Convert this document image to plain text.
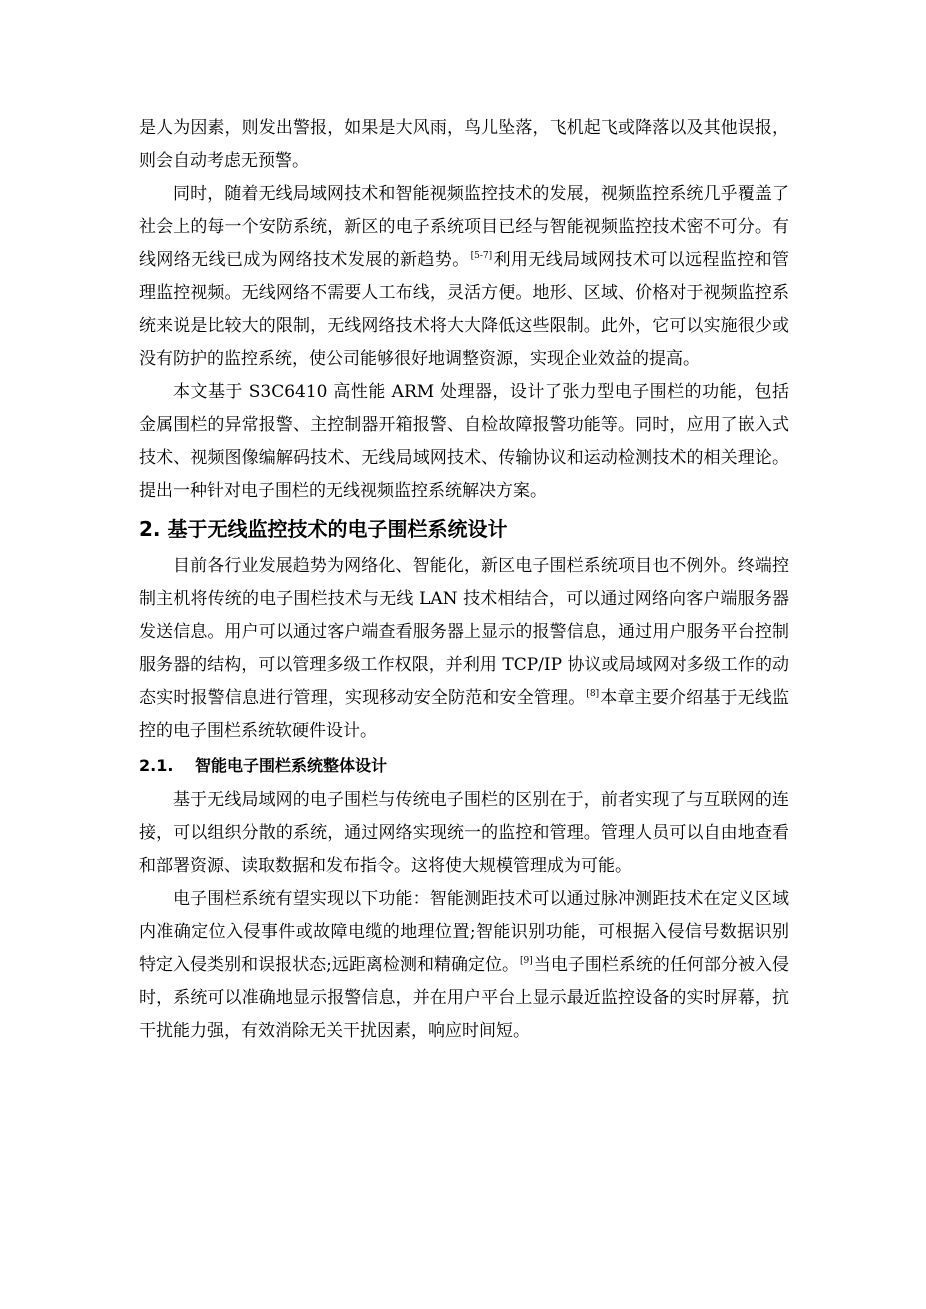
是人为因素，则发出警报，如果是大风雨，鸟儿坠落，飞机起飞或降落以及其他误报，则会自动考虑无预警。

同时，随着无线局域网技术和智能视频监控技术的发展，视频监控系统几乎覆盖了社会上的每一个安防系统，新区的电子系统项目已经与智能视频监控技术密不可分。有线网络无线已成为网络技术发展的新趋势。[5-7]利用无线局域网技术可以远程监控和管理监控视频。无线网络不需要人工布线，灵活方便。地形、区域、价格对于视频监控系统来说是比较大的限制，无线网络技术将大大降低这些限制。此外，它可以实施很少或没有防护的监控系统，使公司能够很好地调整资源，实现企业效益的提高。

本文基于 S3C6410 高性能 ARM 处理器，设计了张力型电子围栏的功能，包括金属围栏的异常报警、主控制器开箱报警、自检故障报警功能等。同时，应用了嵌入式技术、视频图像编解码技术、无线局域网技术、传输协议和运动检测技术的相关理论。提出一种针对电子围栏的无线视频监控系统解决方案。

2. 基于无线监控技术的电子围栏系统设计

目前各行业发展趋势为网络化、智能化，新区电子围栏系统项目也不例外。终端控制主机将传统的电子围栏技术与无线 LAN 技术相结合，可以通过网络向客户端服务器发送信息。用户可以通过客户端查看服务器上显示的报警信息，通过用户服务平台控制服务器的结构，可以管理多级工作权限，并利用 TCP/IP 协议或局域网对多级工作的动态实时报警信息进行管理，实现移动安全防范和安全管理。[8]本章主要介绍基于无线监控的电子围栏系统软硬件设计。

2.1. 智能电子围栏系统整体设计

基于无线局域网的电子围栏与传统电子围栏的区别在于，前者实现了与互联网的连接，可以组织分散的系统，通过网络实现统一的监控和管理。管理人员可以自由地查看和部署资源、读取数据和发布指令。这将使大规模管理成为可能。

电子围栏系统有望实现以下功能：智能测距技术可以通过脉冲测距技术在定义区域内准确定位入侵事件或故障电缆的地理位置;智能识别功能，可根据入侵信号数据识别特定入侵类别和误报状态;远距离检测和精确定位。[9]当电子围栏系统的任何部分被入侵时，系统可以准确地显示报警信息，并在用户平台上显示最近监控设备的实时屏幕，抗干扰能力强，有效消除无关干扰因素，响应时间短。
